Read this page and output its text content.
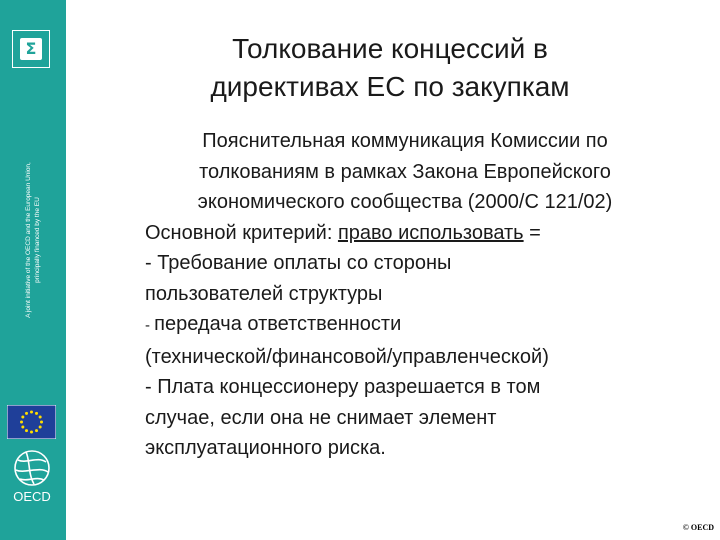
Σ
A joint initiative of the OECD and the European Union, principally financed by the EU
OECD
Толкование концессий в
директивах ЕС по закупкам

Пояснительная коммуникация Комиссии по

толкованиям в рамках Закона Европейского

экономического сообщества (2000/С 121/02)

Основной критерий: право использовать =

- Требование оплаты со стороны

пользователей структуры

- передача ответственности

(технической/финансовой/управленческой)

- Плата концессионеру разрешается в том

случае, если она не снимает элемент

эксплуатационного риска.

© OECD
